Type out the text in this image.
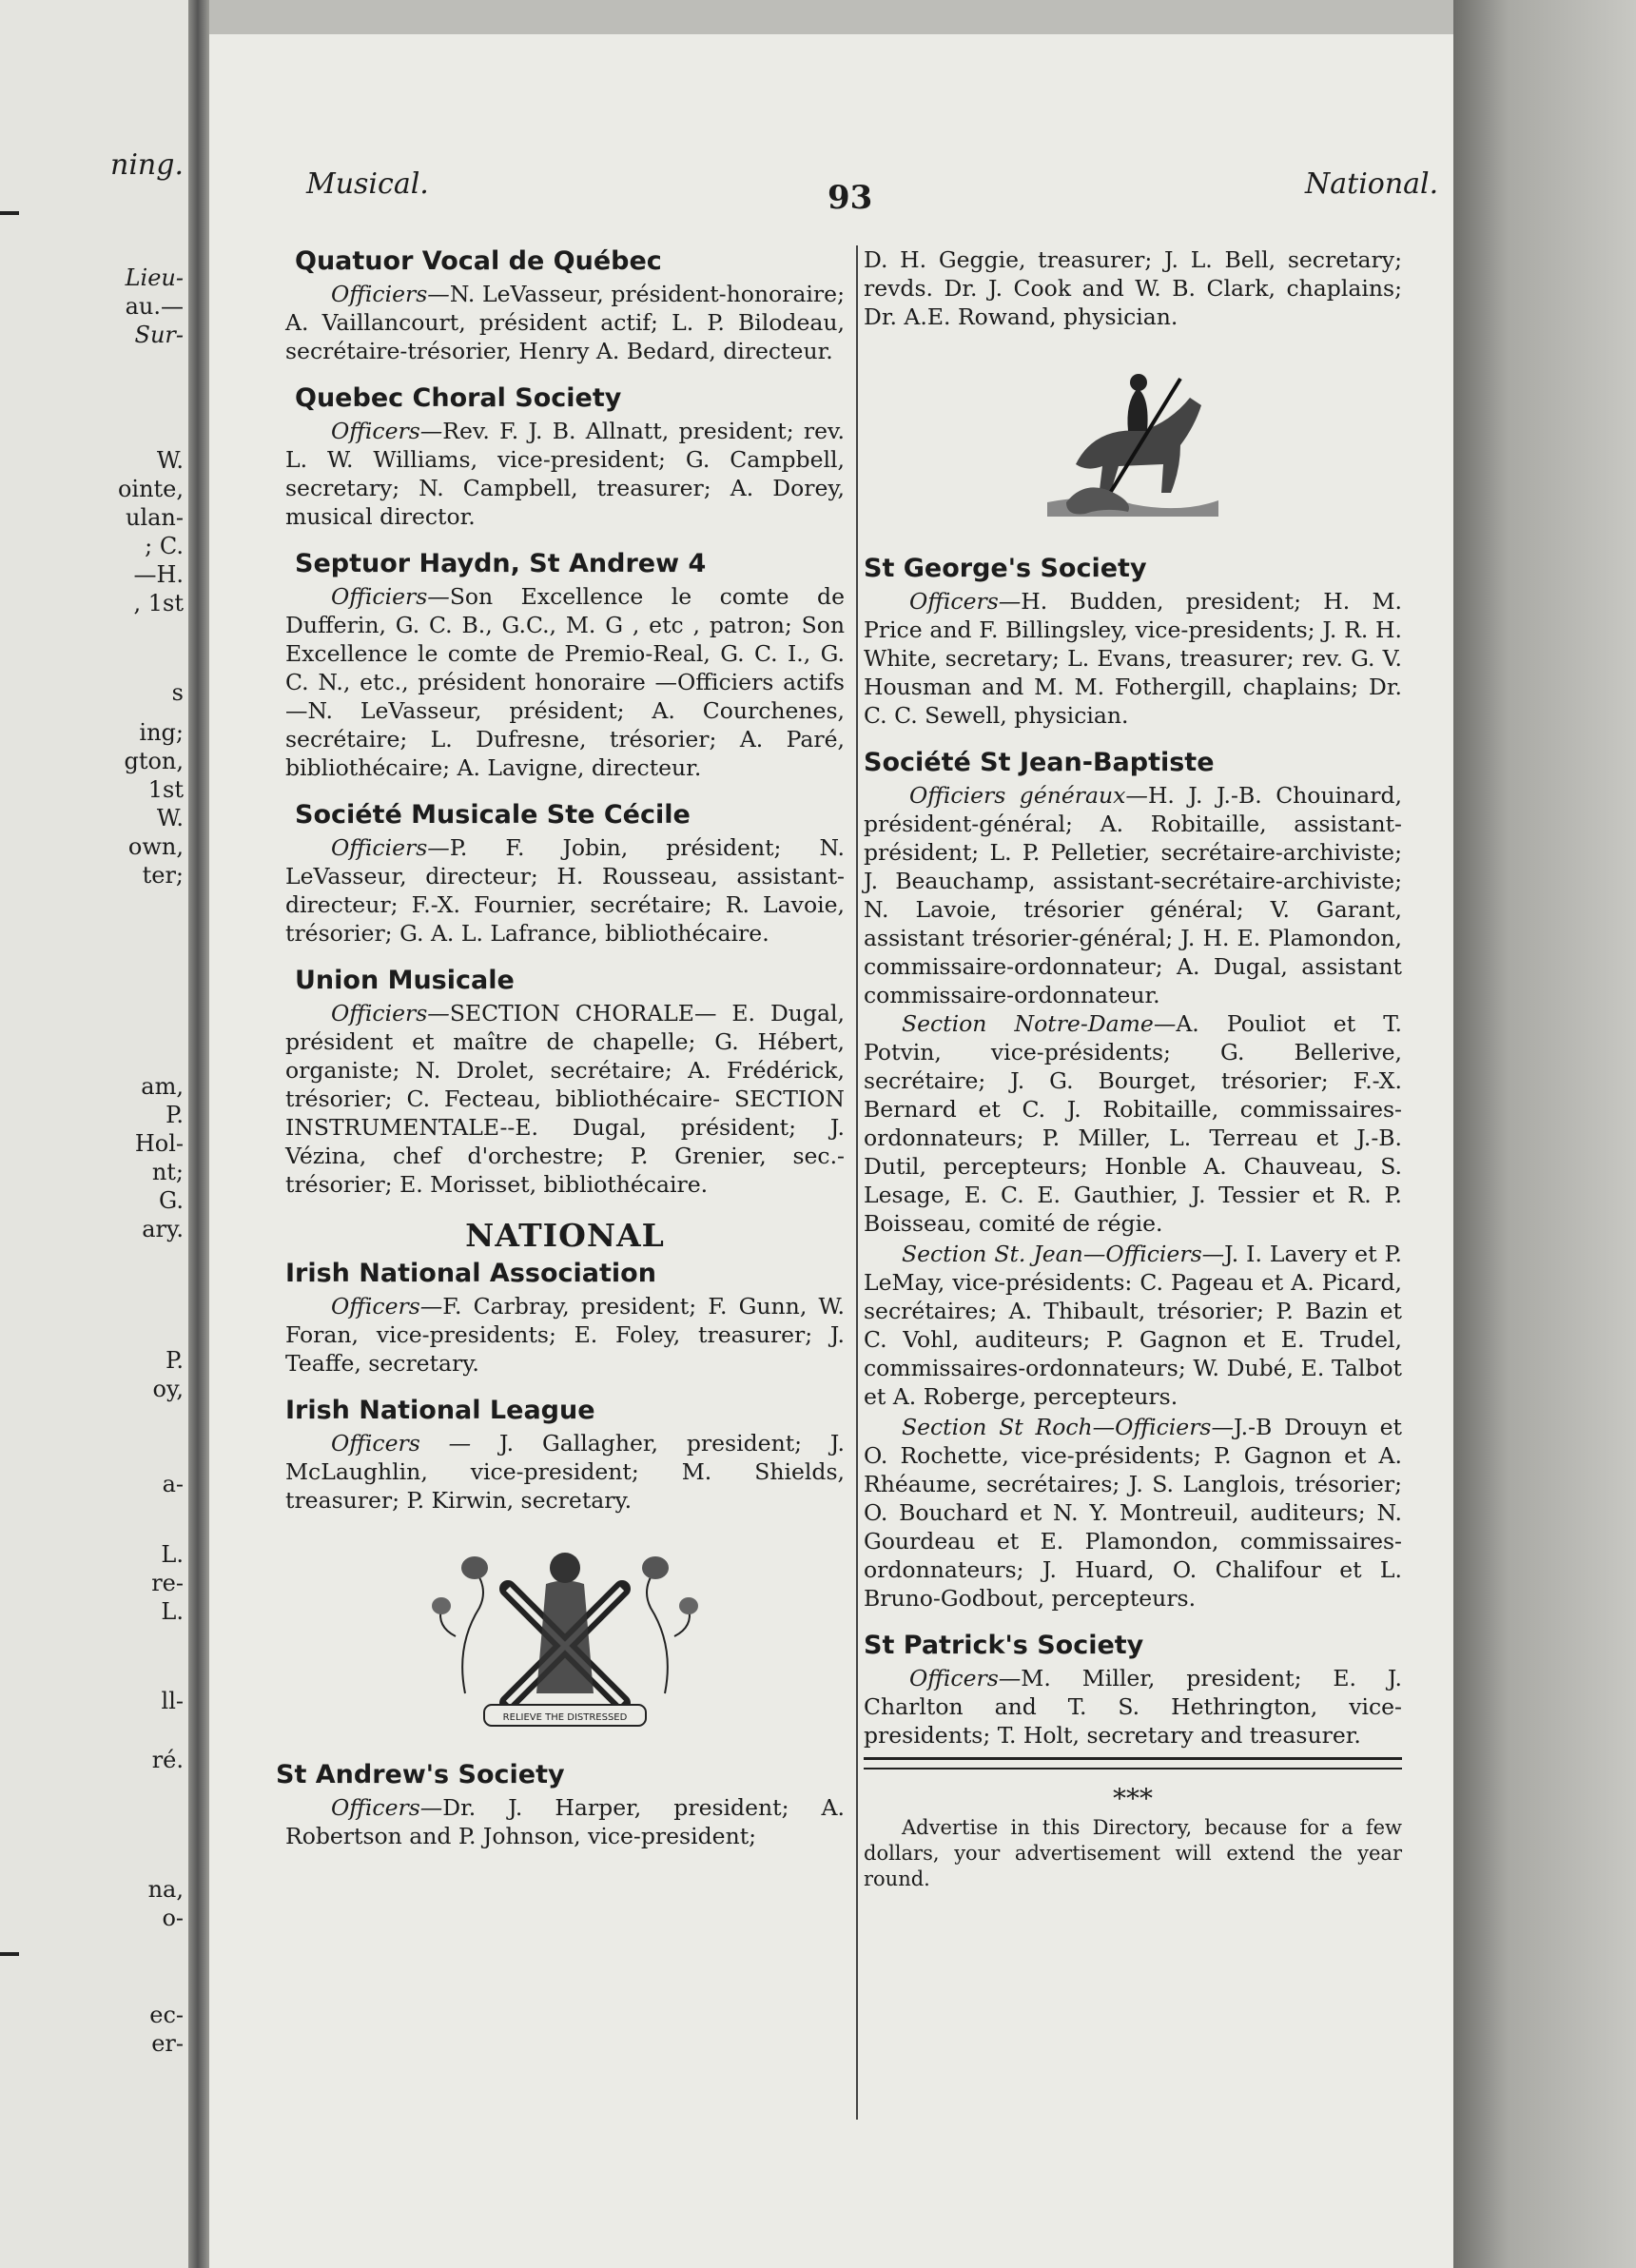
ning.
Lieu-
au.—
Sur-
W.
ointe,
ulan-
; C.
—H.
, 1st
s
ing;
gton,
1st
W.
own,
ter;
am,
P.
Hol-
nt;
G.
ary.
P.
oy,
a-
L.
re-
L.
ll-
ré.
na,
o-
ec-
er-
Musical.	93	National.
Quatuor Vocal de Québec
Officiers—N. LeVasseur, président-honoraire; A. Vaillancourt, président actif; L. P. Bilodeau, secrétaire-trésorier, Henry A. Bedard, directeur.
Quebec Choral Society
Officers—Rev. F. J. B. Allnatt, president; rev. L. W. Williams, vice-president; G. Campbell, secretary; N. Campbell, treasurer; A. Dorey, musical director.
Septuor Haydn, St Andrew 4
Officiers—Son Excellence le comte de Dufferin, G. C. B., G.C., M. G , etc , patron; Son Excellence le comte de Premio-Real, G. C. I., G. C. N., etc., président honoraire —Officiers actifs —N. LeVasseur, président; A. Courchenes, secrétaire; L. Dufresne, trésorier; A. Paré, bibliothécaire; A. Lavigne, directeur.
Société Musicale Ste Cécile
Officiers—P. F. Jobin, président; N. LeVasseur, directeur; H. Rousseau, assistant-directeur; F.-X. Fournier, secrétaire; R. Lavoie, trésorier; G. A. L. Lafrance, bibliothécaire.
Union Musicale
Officiers—SECTION CHORALE— E. Dugal, président et maître de chapelle; G. Hébert, organiste; N. Drolet, secrétaire; A. Frédérick, trésorier; C. Fecteau, bibliothécaire- SECTION INSTRUMENTALE--E. Dugal, président; J. Vézina, chef d'orchestre; P. Grenier, sec.-trésorier; E. Morisset, bibliothécaire.
NATIONAL
Irish National Association
Officers—F. Carbray, president; F. Gunn, W. Foran, vice-presidents; E. Foley, treasurer; J. Teaffe, secretary.
Irish National League
Officers — J. Gallagher, president; J. McLaughlin, vice-president; M. Shields, treasurer; P. Kirwin, secretary.
RELIEVE THE DISTRESSED
St Andrew's Society
Officers—Dr. J. Harper, president; A. Robertson and P. Johnson, vice-president;
D. H. Geggie, treasurer; J. L. Bell, secretary; revds. Dr. J. Cook and W. B. Clark, chaplains; Dr. A.E. Rowand, physician.
St George's Society
Officers—H. Budden, president; H. M. Price and F. Billingsley, vice-presidents; J. R. H. White, secretary; L. Evans, treasurer; rev. G. V. Housman and M. M. Fothergill, chaplains; Dr. C. C. Sewell, physician.
Société St Jean-Baptiste
Officiers généraux—H. J. J.-B. Chouinard, président-général; A. Robitaille, assistant-président; L. P. Pelletier, secrétaire-archiviste; J. Beauchamp, assistant-secrétaire-archiviste; N. Lavoie, trésorier général; V. Garant, assistant trésorier-général; J. H. E. Plamondon, commissaire-ordonnateur; A. Dugal, assistant commissaire-ordonnateur.
Section Notre-Dame—A. Pouliot et T. Potvin, vice-présidents; G. Bellerive, secrétaire; J. G. Bourget, trésorier; F.-X. Bernard et C. J. Robitaille, commissaires-ordonnateurs; P. Miller, L. Terreau et J.-B. Dutil, percepteurs; Honble A. Chauveau, S. Lesage, E. C. E. Gauthier, J. Tessier et R. P. Boisseau, comité de régie.
Section St. Jean—Officiers—J. I. Lavery et P. LeMay, vice-présidents: C. Pageau et A. Picard, secrétaires; A. Thibault, trésorier; P. Bazin et C. Vohl, auditeurs; P. Gagnon et E. Trudel, commissaires-ordonnateurs; W. Dubé, E. Talbot et A. Roberge, percepteurs.
Section St Roch—Officiers—J.-B Drouyn et O. Rochette, vice-présidents; P. Gagnon et A. Rhéaume, secrétaires; J. S. Langlois, trésorier; O. Bouchard et N. Y. Montreuil, auditeurs; N. Gourdeau et E. Plamondon, commissaires-ordonnateurs; J. Huard, O. Chalifour et L. Bruno-Godbout, percepteurs.
St Patrick's Society
Officers—M. Miller, president; E. J. Charlton and T. S. Hethrington, vice-presidents; T. Holt, secretary and treasurer.
***
Advertise in this Directory, because for a few dollars, your advertisement will extend the year round.
